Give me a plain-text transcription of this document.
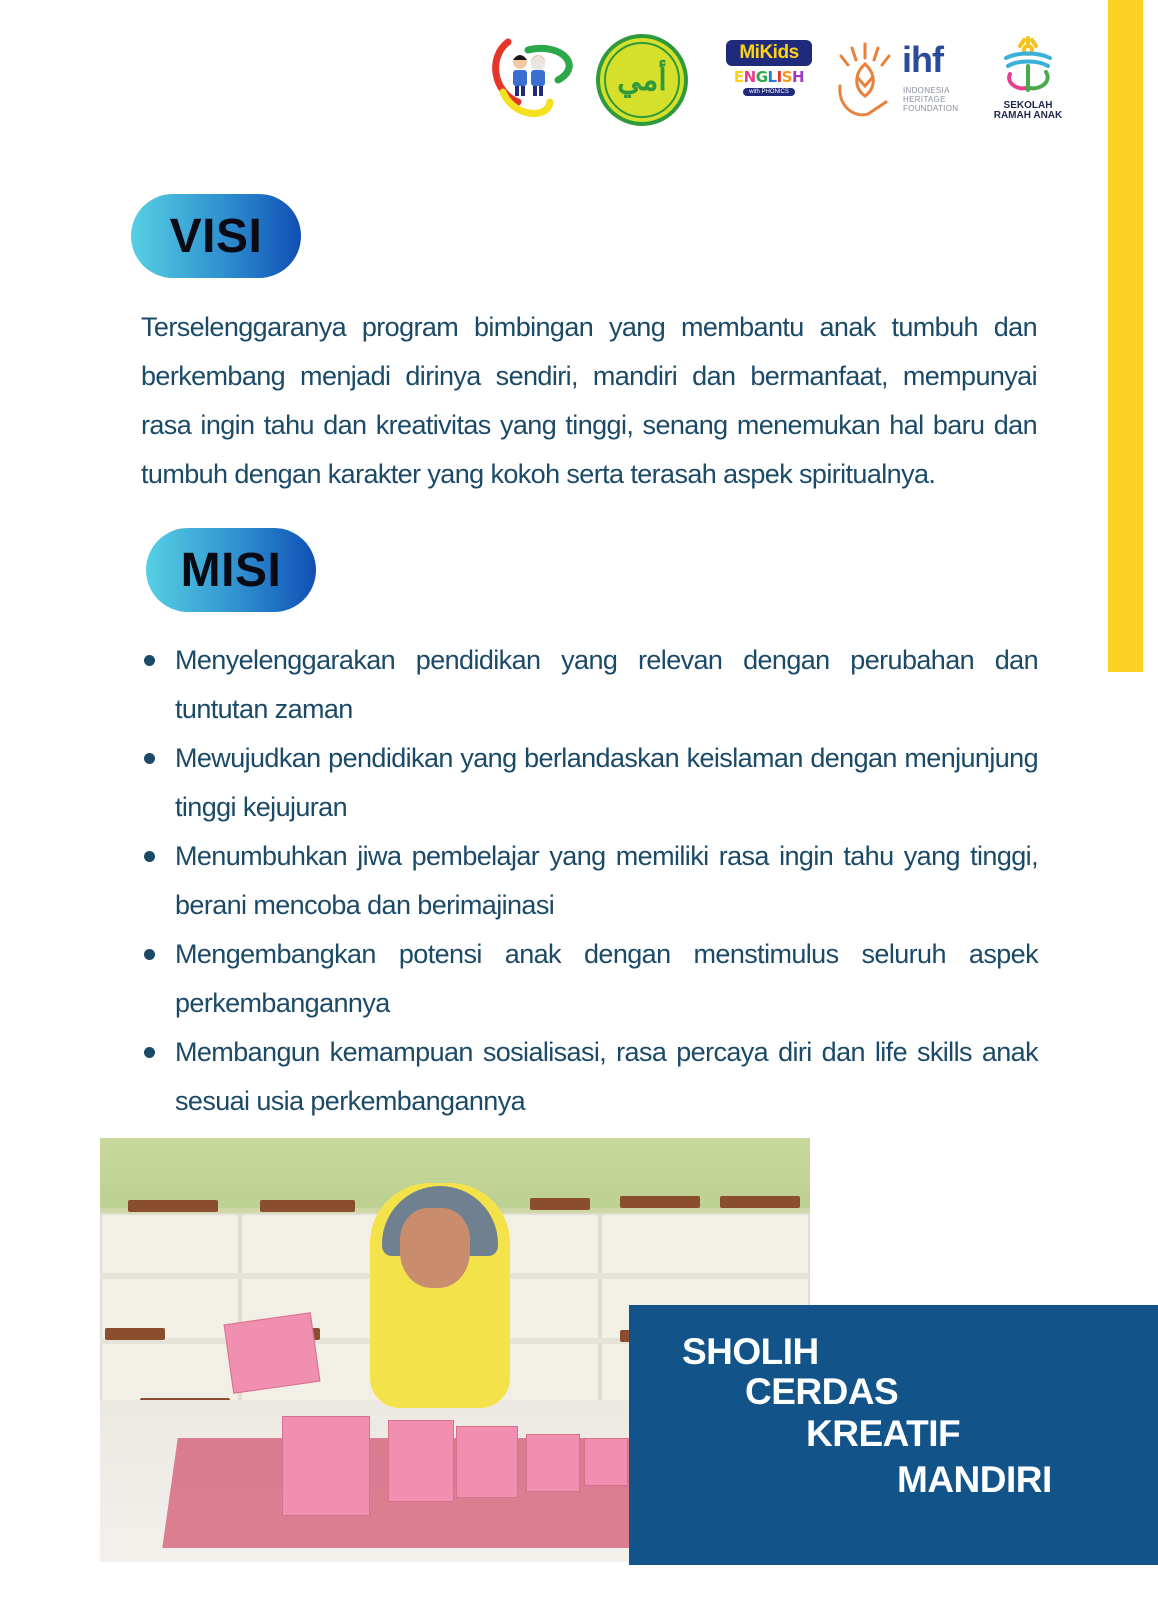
أمي
MiKids
ENGLISH
with PHONICS
ihf
INDONESIA
HERITAGE
FOUNDATION	SEKOLAH
RAMAH ANAK
VISI

Terselenggaranya program bimbingan yang membantu anak tumbuh dan berkembang menjadi dirinya sendiri, mandiri dan bermanfaat, mempunyai rasa ingin tahu dan kreativitas yang tinggi, senang menemukan hal baru dan tumbuh dengan karakter yang kokoh serta terasah aspek spiritualnya.

MISI
Menyelenggarakan pendidikan yang relevan dengan perubahan dan tuntutan zaman
Mewujudkan pendidikan yang berlandaskan keislaman dengan menjunjung tinggi kejujuran
Menumbuhkan jiwa pembelajar yang memiliki rasa ingin tahu yang tinggi, berani mencoba dan berimajinasi
Mengembangkan potensi anak dengan menstimulus seluruh aspek perkembangannya
Membangun kemampuan sosialisasi, rasa percaya diri dan life skills anak sesuai usia perkembangannya
SHOLIH
CERDAS
KREATIF
MANDIRI
